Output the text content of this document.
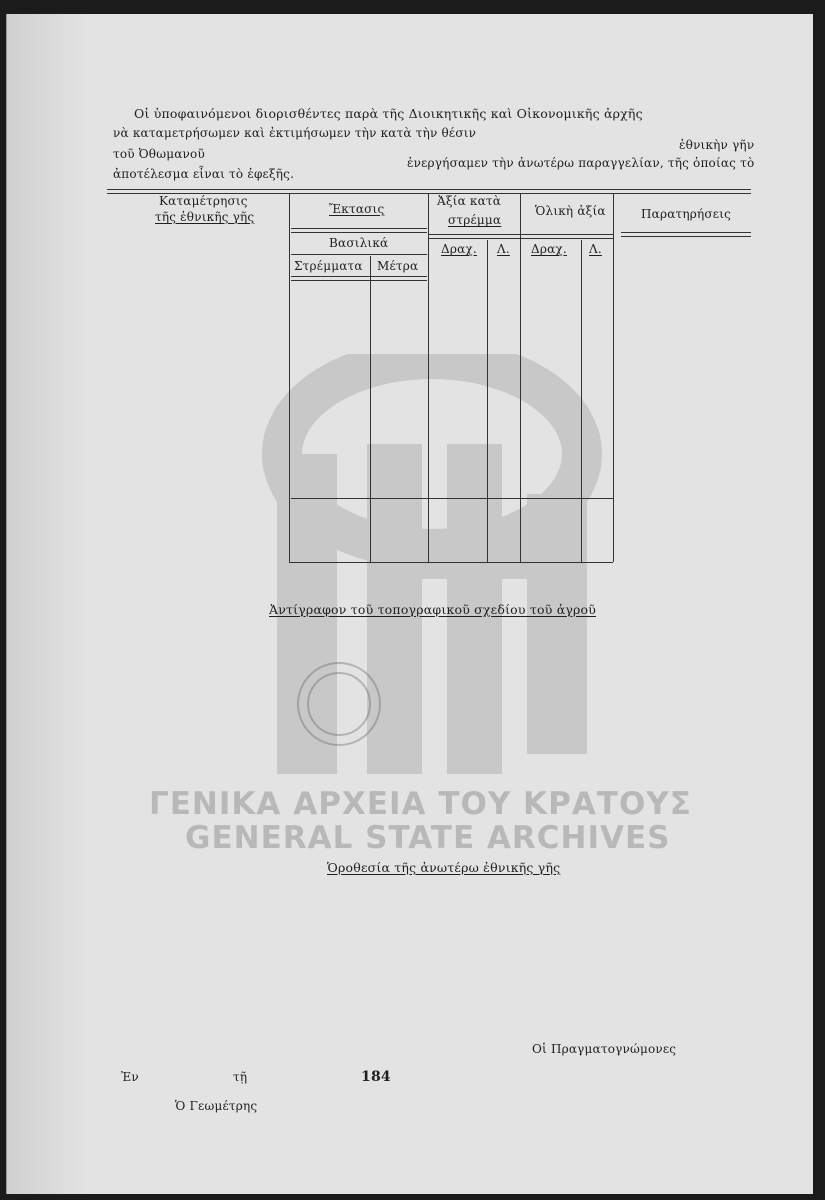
Οἱ ὑποφαινόμενοι διορισθέντες παρὰ τῆς Διοικητικῆς καὶ Οἰκονομικῆς ἀρχῆς
νὰ καταμετρήσωμεν καὶ ἐκτιμήσωμεν τὴν κατὰ τὴν θέσιν
ἐθνικὴν γῆν
τοῦ Ὀθωμανοῦ
ἐνεργήσαμεν τὴν ἀνωτέρω παραγγελίαν, τῆς ὁποίας τὸ
ἀποτέλεσμα εἶναι τὸ ἑφεξῆς.
Καταμέτρησις
τῆς ἐθνικῆς γῆς
Ἔκτασις
Βασιλικά
Στρέμματα Μέτρα
Ἀξία κατὰ
στρέμμα
Δραχ. Λ.
Ὁλικὴ ἀξία
Δραχ. Λ.
Παρατηρήσεις
Ἀντίγραφον τοῦ τοπογραφικοῦ σχεδίου τοῦ ἀγροῦ
ΓΕΝΙΚΑ ΑΡΧΕΙΑ ΤΟΥ ΚΡΑΤΟΥΣ
GENERAL STATE ARCHIVES
Ὁροθεσία τῆς ἀνωτέρω ἐθνικῆς γῆς
Οἱ Πραγματογνώμονες
Ἐν	τῇ	184
Ὁ Γεωμέτρης
